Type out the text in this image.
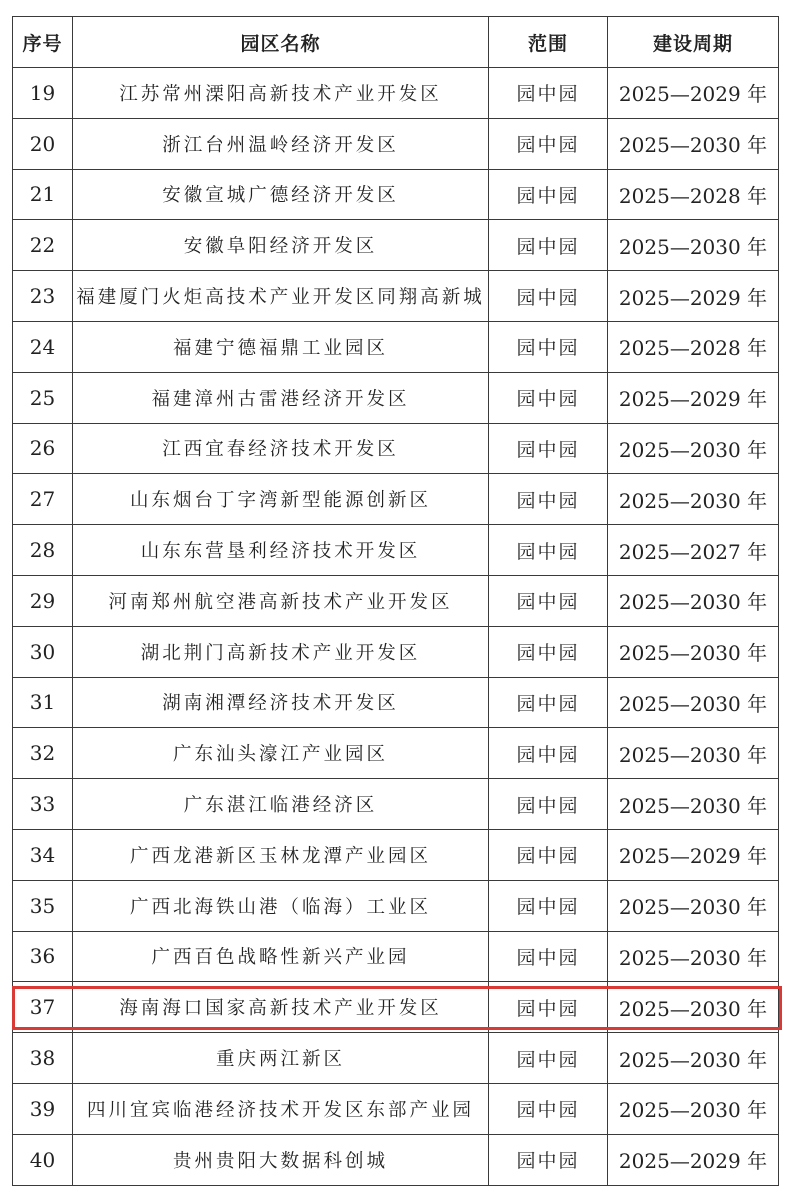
序号	园区名称	范围	建设周期
19	江苏常州溧阳高新技术产业开发区	园中园	2025—2029 年
20	浙江台州温岭经济开发区	园中园	2025—2030 年
21	安徽宣城广德经济开发区	园中园	2025—2028 年
22	安徽阜阳经济开发区	园中园	2025—2030 年
23	福建厦门火炬高技术产业开发区同翔高新城	园中园	2025—2029 年
24	福建宁德福鼎工业园区	园中园	2025—2028 年
25	福建漳州古雷港经济开发区	园中园	2025—2029 年
26	江西宜春经济技术开发区	园中园	2025—2030 年
27	山东烟台丁字湾新型能源创新区	园中园	2025—2030 年
28	山东东营垦利经济技术开发区	园中园	2025—2027 年
29	河南郑州航空港高新技术产业开发区	园中园	2025—2030 年
30	湖北荆门高新技术产业开发区	园中园	2025—2030 年
31	湖南湘潭经济技术开发区	园中园	2025—2030 年
32	广东汕头濠江产业园区	园中园	2025—2030 年
33	广东湛江临港经济区	园中园	2025—2030 年
34	广西龙港新区玉林龙潭产业园区	园中园	2025—2029 年
35	广西北海铁山港（临海）工业区	园中园	2025—2030 年
36	广西百色战略性新兴产业园	园中园	2025—2030 年
37	海南海口国家高新技术产业开发区	园中园	2025—2030 年
38	重庆两江新区	园中园	2025—2030 年
39	四川宜宾临港经济技术开发区东部产业园	园中园	2025—2030 年
40	贵州贵阳大数据科创城	园中园	2025—2029 年
